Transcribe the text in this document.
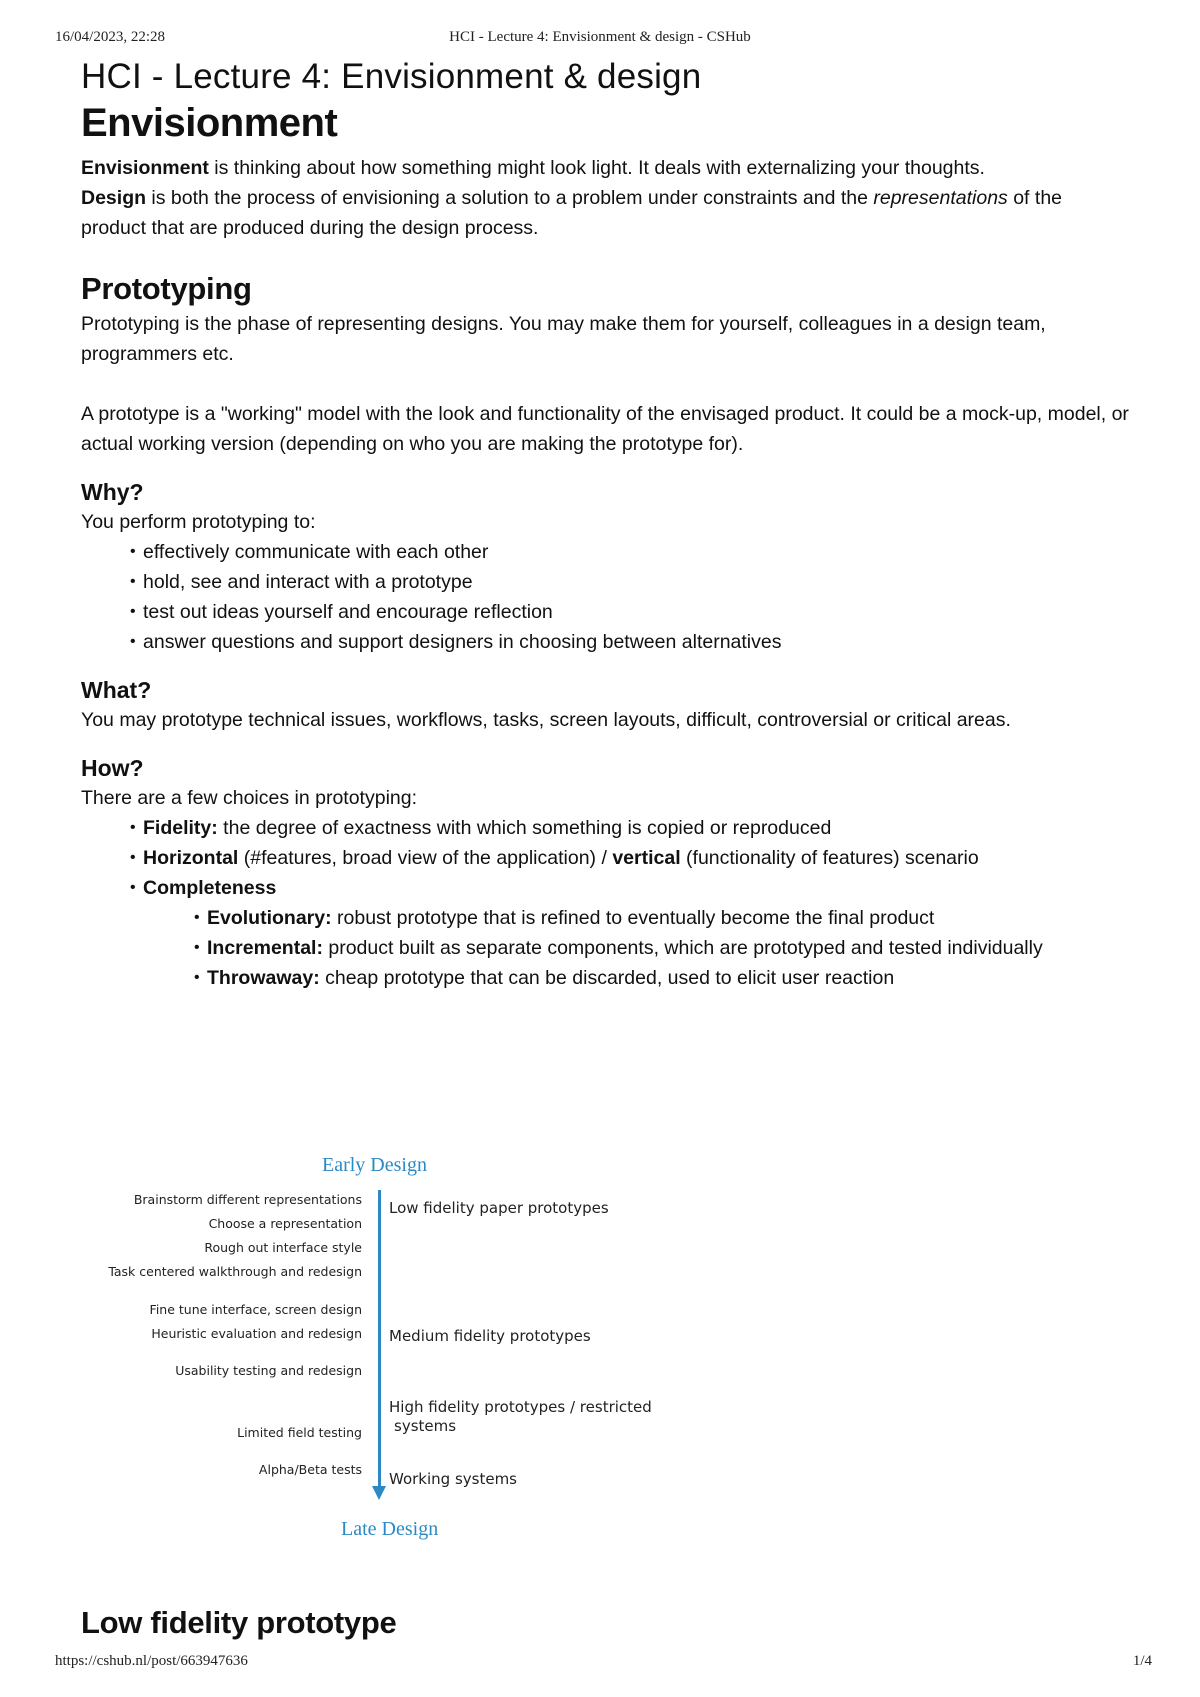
16/04/2023, 22:28	HCI - Lecture 4: Envisionment & design - CSHub
HCI - Lecture 4: Envisionment & design
Envisionment

Envisionment is thinking about how something might look light. It deals with externalizing your thoughts.

Design is both the process of envisioning a solution to a problem under constraints and the representations of the product that are produced during the design process.

Prototyping

Prototyping is the phase of representing designs. You may make them for yourself, colleagues in a design team, programmers etc.

A prototype is a "working" model with the look and functionality of the envisaged product. It could be a mock-up, model, or actual working version (depending on who you are making the prototype for).

Why?

You perform prototyping to:

• effectively communicate with each other
• hold, see and interact with a prototype
• test out ideas yourself and encourage reflection
• answer questions and support designers in choosing between alternatives
What?

You may prototype technical issues, workflows, tasks, screen layouts, difficult, controversial or critical areas.

How?

There are a few choices in prototyping:

• Fidelity: the degree of exactness with which something is copied or reproduced
• Horizontal (#features, broad view of the application) / vertical (functionality of features) scenario
• Completeness
• Evolutionary: robust prototype that is refined to eventually become the final product
• Incremental: product built as separate components, which are prototyped and tested individually
• Throwaway: cheap prototype that can be discarded, used to elicit user reaction
Early Design
Brainstorm different representations
Choose a representation
Rough out interface style
Task centered walkthrough and redesign
Fine tune interface, screen design
Heuristic evaluation and redesign
Usability testing and redesign
Limited field testing
Alpha/Beta tests
Low fidelity paper prototypes
Medium fidelity prototypes
High fidelity prototypes / restricted
systems
Working systems
Late Design
Low fidelity prototype
https://cshub.nl/post/663947636	1/4
